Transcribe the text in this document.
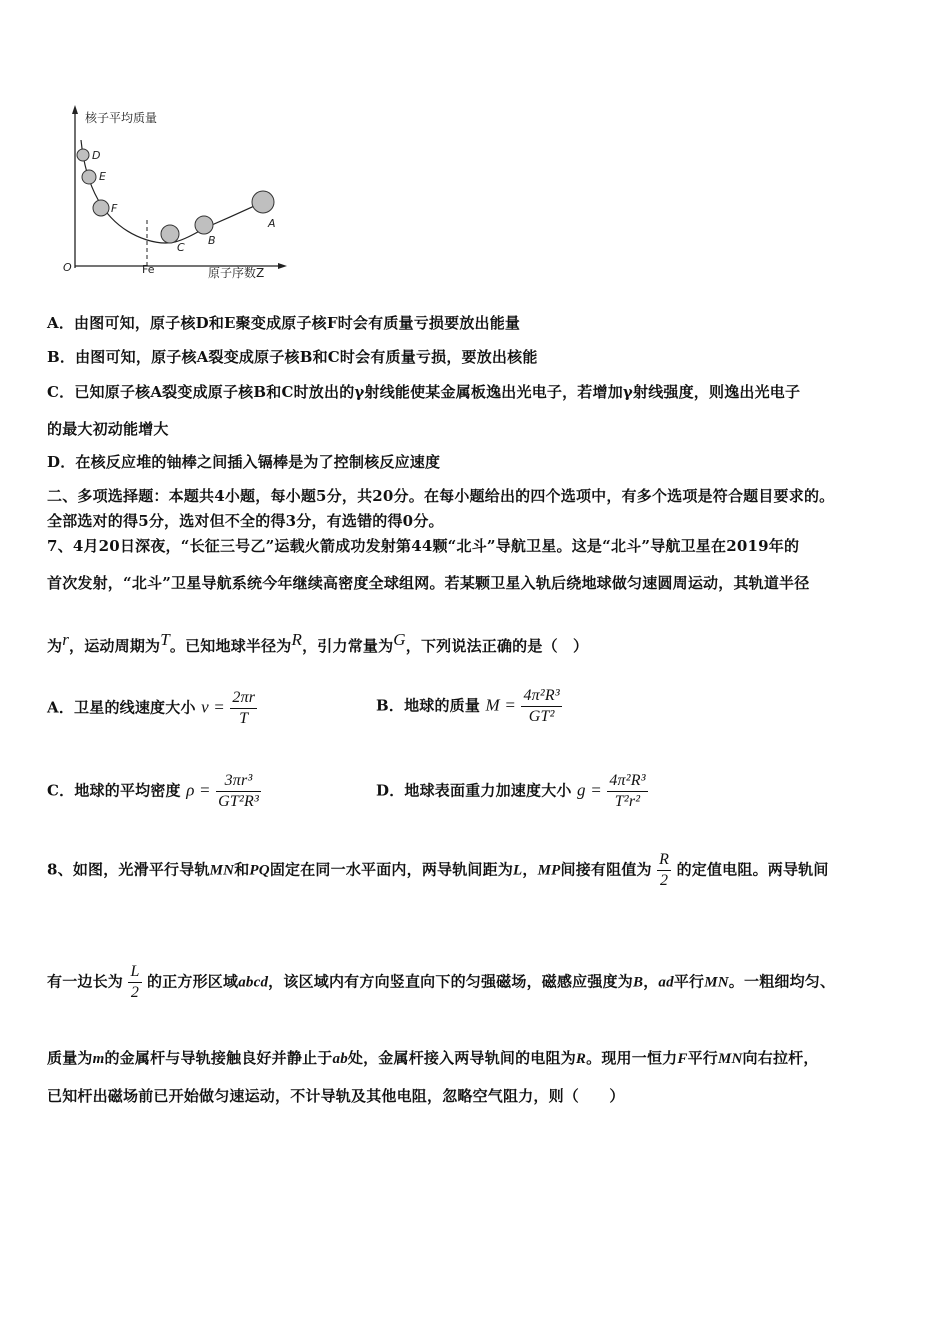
核子平均质量
原子序数Z
O	Fe
D
E
F
C
B
A
A．由图可知，原子核D和E聚变成原子核F时会有质量亏损要放出能量
B．由图可知，原子核A裂变成原子核B和C时会有质量亏损，要放出核能
C．已知原子核A裂变成原子核B和C时放出的γ射线能使某金属板逸出光电子，若增加γ射线强度，则逸出光电子
的最大初动能增大
D．在核反应堆的铀棒之间插入镉棒是为了控制核反应速度
二、多项选择题：本题共4小题，每小题5分，共20分。在每小题给出的四个选项中，有多个选项是符合题目要求的。
全部选对的得5分，选对但不全的得3分，有选错的得0分。
7、4月20日深夜，“长征三号乙”运载火箭成功发射第44颗“北斗”导航卫星。这是“北斗”导航卫星在2019年的
首次发射，“北斗”卫星导航系统今年继续高密度全球组网。若某颗卫星入轨后绕地球做匀速圆周运动，其轨道半径
为$^r$，运动周期为$^T$。已知地球半径为$^R$，引力常量为$^G$，下列说法正确的是（　）
A．卫星的线速度大小 $v = \frac{2\pi r}{T}$	B．地球的质量 $M = \frac{\text{4π²R³}}{\text{GT²}}$
C．地球的平均密度 $\rho = \frac{\text{3πr³}}{\text{GT²R³}}$	D．地球表面重力加速度大小 $g = \frac{\text{4π²R³}}{\text{T²r²}}$
8、如图，光滑平行导轨MN和PQ固定在同一水平面内，两导轨间距为L，MP间接有阻值为 $\frac{R}{2}$ 的定值电阻。两导轨间
有一边长为 $\frac{L}{2}$ 的正方形区域abcd，该区域内有方向竖直向下的匀强磁场，磁感应强度为B，ad平行MN。一粗细均匀、
质量为m的金属杆与导轨接触良好并静止于ab处，金属杆接入两导轨间的电阻为R。现用一恒力F平行MN向右拉杆，
已知杆出磁场前已开始做匀速运动，不计导轨及其他电阻，忽略空气阻力，则（　　）
